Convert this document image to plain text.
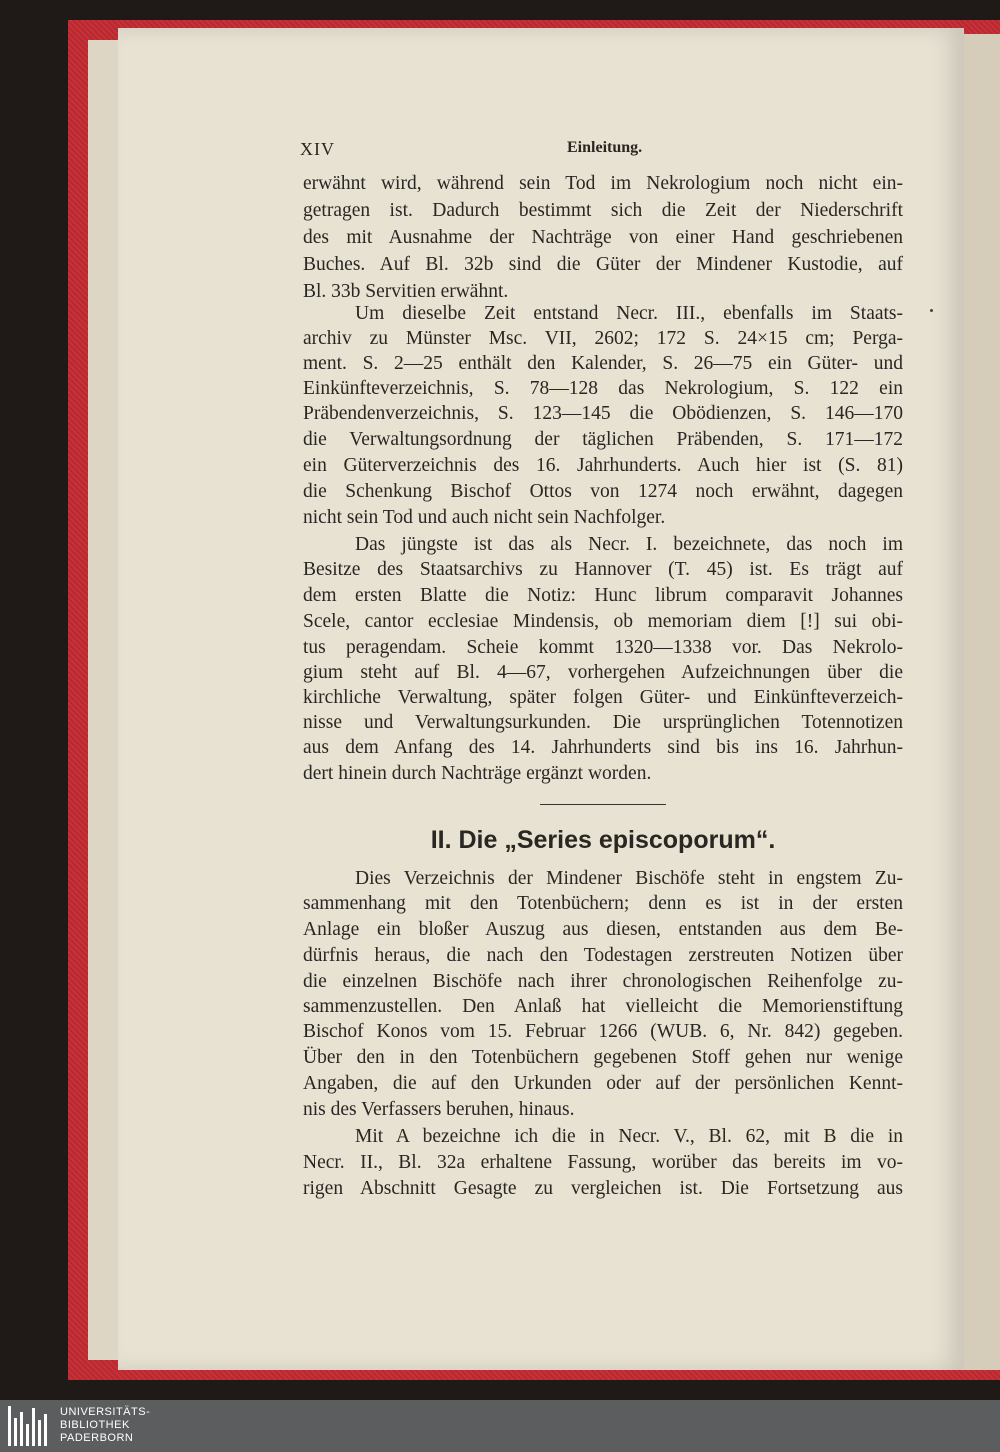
XIV	Einleitung.
erwähnt wird, während sein Tod im Nekrologium noch nicht ein-
getragen ist. Dadurch bestimmt sich die Zeit der Niederschrift
des mit Ausnahme der Nachträge von einer Hand geschriebenen
Buches. Auf Bl. 32b sind die Güter der Mindener Kustodie, auf
Bl. 33b Servitien erwähnt.
Um dieselbe Zeit entstand Necr. III., ebenfalls im Staats-
archiv zu Münster Msc. VII, 2602; 172 S. 24×15 cm; Perga-
ment. S. 2—25 enthält den Kalender, S. 26—75 ein Güter- und
Einkünfteverzeichnis, S. 78—128 das Nekrologium, S. 122 ein
Präbendenverzeichnis, S. 123—145 die Obödienzen, S. 146—170
die Verwaltungsordnung der täglichen Präbenden, S. 171—172
ein Güterverzeichnis des 16. Jahrhunderts. Auch hier ist (S. 81)
die Schenkung Bischof Ottos von 1274 noch erwähnt, dagegen
nicht sein Tod und auch nicht sein Nachfolger.
Das jüngste ist das als Necr. I. bezeichnete, das noch im
Besitze des Staatsarchivs zu Hannover (T. 45) ist. Es trägt auf
dem ersten Blatte die Notiz: Hunc librum comparavit Johannes
Scele, cantor ecclesiae Mindensis, ob memoriam diem [!] sui obi-
tus peragendam. Scheie kommt 1320—1338 vor. Das Nekrolo-
gium steht auf Bl. 4—67, vorhergehen Aufzeichnungen über die
kirchliche Verwaltung, später folgen Güter- und Einkünfteverzeich-
nisse und Verwaltungsurkunden. Die ursprünglichen Totennotizen
aus dem Anfang des 14. Jahrhunderts sind bis ins 16. Jahrhun-
dert hinein durch Nachträge ergänzt worden.
II. Die „Series episcoporum“.
Dies Verzeichnis der Mindener Bischöfe steht in engstem Zu-
sammenhang mit den Totenbüchern; denn es ist in der ersten
Anlage ein bloßer Auszug aus diesen, entstanden aus dem Be-
dürfnis heraus, die nach den Todestagen zerstreuten Notizen über
die einzelnen Bischöfe nach ihrer chronologischen Reihenfolge zu-
sammenzustellen. Den Anlaß hat vielleicht die Memorienstiftung
Bischof Konos vom 15. Februar 1266 (WUB. 6, Nr. 842) gegeben.
Über den in den Totenbüchern gegebenen Stoff gehen nur wenige
Angaben, die auf den Urkunden oder auf der persönlichen Kennt-
nis des Verfassers beruhen, hinaus.
Mit A bezeichne ich die in Necr. V., Bl. 62, mit B die in
Necr. II., Bl. 32a erhaltene Fassung, worüber das bereits im vo-
rigen Abschnitt Gesagte zu vergleichen ist. Die Fortsetzung aus
UNIVERSITÄTS-
BIBLIOTHEK
PADERBORN
